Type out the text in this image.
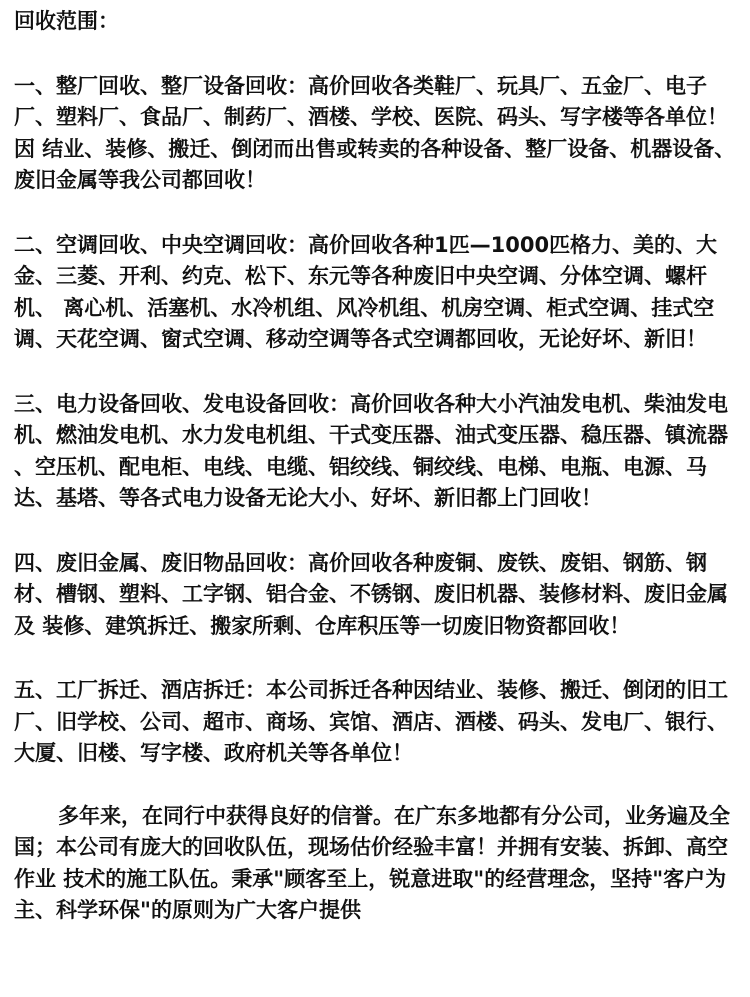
回收范围：

一、整厂回收、整厂设备回收：高价回收各类鞋厂、玩具厂、五金厂、电子厂、塑料厂、食品厂、制药厂、酒楼、学校、医院、码头、写字楼等各单位！因 结业、装修、搬迁、倒闭而出售或转卖的各种设备、整厂设备、机器设备、废旧金属等我公司都回收！

二、空调回收、中央空调回收：高价回收各种1匹—1000匹格力、美的、大金、三菱、开利、约克、松下、东元等各种废旧中央空调、分体空调、螺杆机、 离心机、活塞机、水冷机组、风冷机组、机房空调、柜式空调、挂式空调、天花空调、窗式空调、移动空调等各式空调都回收，无论好坏、新旧！

三、电力设备回收、发电设备回收：高价回收各种大小汽油发电机、柴油发电机、燃油发电机、水力发电机组、干式变压器、油式变压器、稳压器、镇流器 、空压机、配电柜、电线、电缆、铝绞线、铜绞线、电梯、电瓶、电源、马达、基塔、等各式电力设备无论大小、好坏、新旧都上门回收！

四、废旧金属、废旧物品回收：高价回收各种废铜、废铁、废铝、钢筋、钢材、槽钢、塑料、工字钢、铝合金、不锈钢、废旧机器、装修材料、废旧金属及 装修、建筑拆迁、搬家所剩、仓库积压等一切废旧物资都回收！

五、工厂拆迁、酒店拆迁：本公司拆迁各种因结业、装修、搬迁、倒闭的旧工厂、旧学校、公司、超市、商场、宾馆、酒店、酒楼、码头、发电厂、银行、 大厦、旧楼、写字楼、政府机关等各单位！

多年来，在同行中获得良好的信誉。在广东多地都有分公司，业务遍及全国；本公司有庞大的回收队伍，现场估价经验丰富！并拥有安装、拆卸、高空作业 技术的施工队伍。秉承"顾客至上，锐意进取"的经营理念，坚持"客户为主、科学环保"的原则为广大客户提供
